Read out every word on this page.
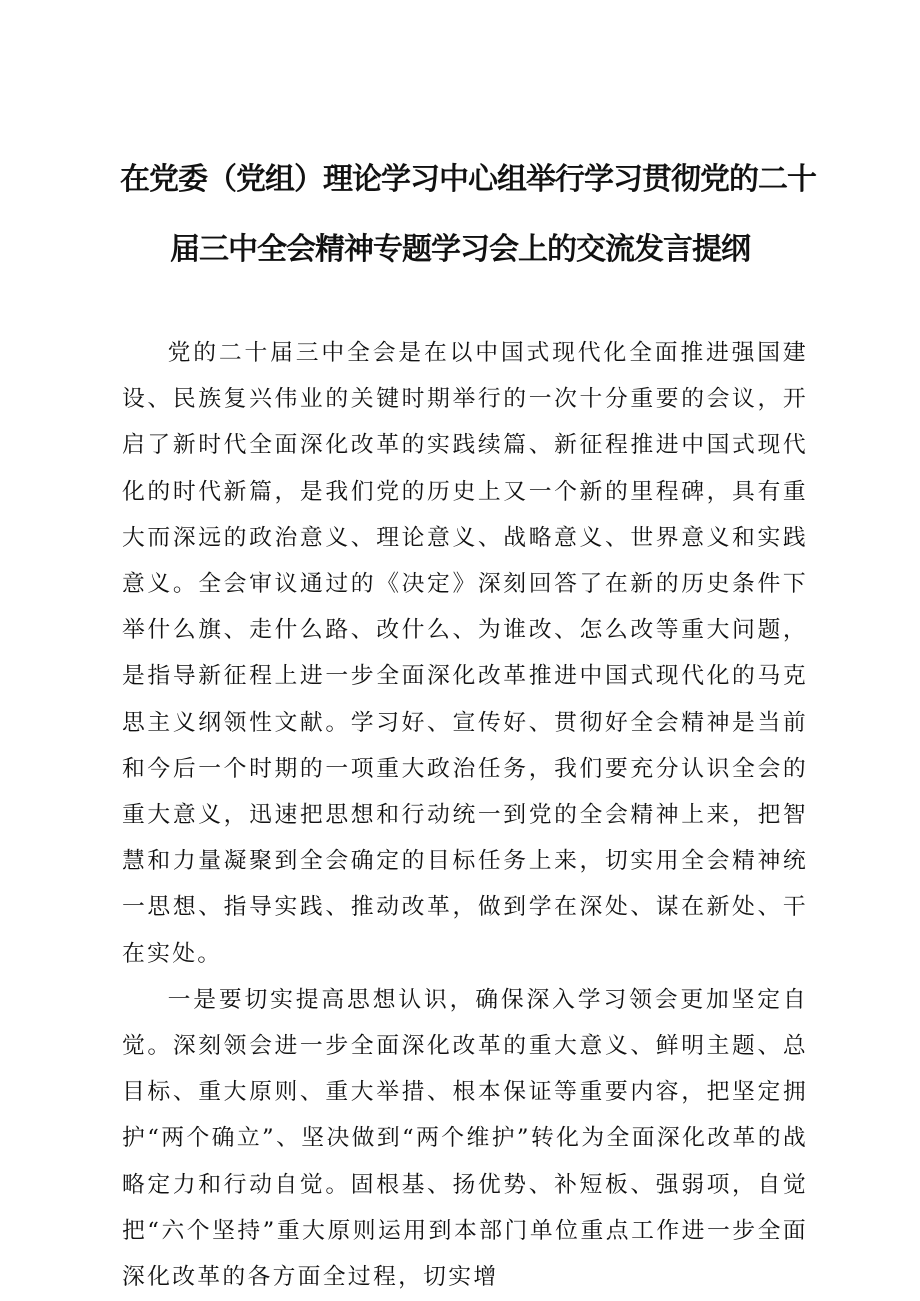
在党委（党组）理论学习中心组举行学习贯彻党的二十
届三中全会精神专题学习会上的交流发言提纲

党的二十届三中全会是在以中国式现代化全面推进强国建设、民族复兴伟业的关键时期举行的一次十分重要的会议，开启了新时代全面深化改革的实践续篇、新征程推进中国式现代化的时代新篇，是我们党的历史上又一个新的里程碑，具有重大而深远的政治意义、理论意义、战略意义、世界意义和实践意义。全会审议通过的《决定》深刻回答了在新的历史条件下举什么旗、走什么路、改什么、为谁改、怎么改等重大问题，是指导新征程上进一步全面深化改革推进中国式现代化的马克思主义纲领性文献。学习好、宣传好、贯彻好全会精神是当前和今后一个时期的一项重大政治任务，我们要充分认识全会的重大意义，迅速把思想和行动统一到党的全会精神上来，把智慧和力量凝聚到全会确定的目标任务上来，切实用全会精神统一思想、指导实践、推动改革，做到学在深处、谋在新处、干在实处。

一是要切实提高思想认识，确保深入学习领会更加坚定自觉。深刻领会进一步全面深化改革的重大意义、鲜明主题、总目标、重大原则、重大举措、根本保证等重要内容，把坚定拥护“两个确立”、坚决做到“两个维护”转化为全面深化改革的战略定力和行动自觉。固根基、扬优势、补短板、强弱项，自觉把“六个坚持”重大原则运用到本部门单位重点工作进一步全面深化改革的各方面全过程，切实增
